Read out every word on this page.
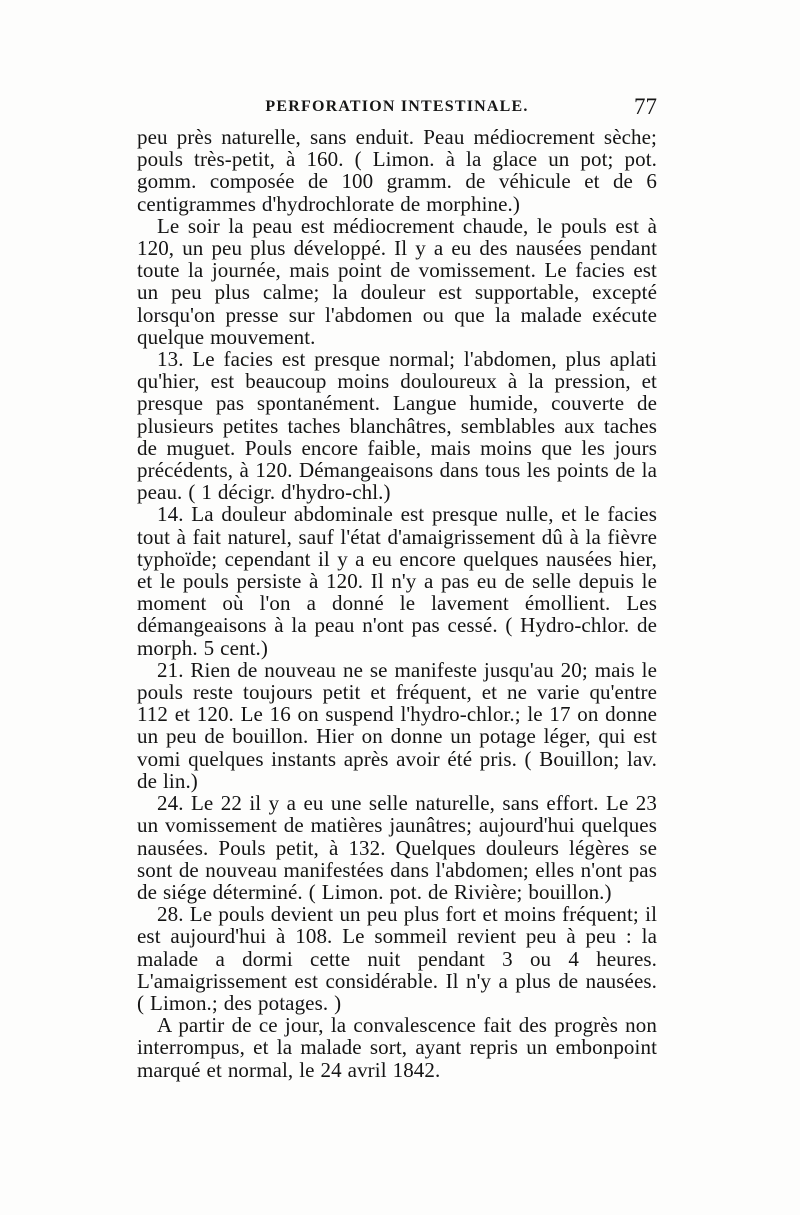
PERFORATION INTESTINALE.	77

peu près naturelle, sans enduit. Peau médiocrement sèche; pouls très-petit, à 160. ( Limon. à la glace un pot; pot. gomm. composée de 100 gramm. de véhicule et de 6 centigrammes d'hydrochlorate de morphine.)

Le soir la peau est médiocrement chaude, le pouls est à 120, un peu plus développé. Il y a eu des nausées pendant toute la journée, mais point de vomissement. Le facies est un peu plus calme; la douleur est supportable, excepté lorsqu'on presse sur l'abdomen ou que la malade exécute quelque mouvement.

13. Le facies est presque normal; l'abdomen, plus aplati qu'hier, est beaucoup moins douloureux à la pression, et presque pas spontanément. Langue humide, couverte de plusieurs petites taches blanchâtres, semblables aux taches de muguet. Pouls encore faible, mais moins que les jours précédents, à 120. Démangeaisons dans tous les points de la peau. ( 1 décigr. d'hydro-chl.)

14. La douleur abdominale est presque nulle, et le facies tout à fait naturel, sauf l'état d'amaigrissement dû à la fièvre typhoïde; cependant il y a eu encore quelques nausées hier, et le pouls persiste à 120. Il n'y a pas eu de selle depuis le moment où l'on a donné le lavement émollient. Les démangeaisons à la peau n'ont pas cessé. ( Hydro-chlor. de morph. 5 cent.)

21. Rien de nouveau ne se manifeste jusqu'au 20; mais le pouls reste toujours petit et fréquent, et ne varie qu'entre 112 et 120. Le 16 on suspend l'hydro-chlor.; le 17 on donne un peu de bouillon. Hier on donne un potage léger, qui est vomi quelques instants après avoir été pris. ( Bouillon; lav. de lin.)

24. Le 22 il y a eu une selle naturelle, sans effort. Le 23 un vomissement de matières jaunâtres; aujourd'hui quelques nausées. Pouls petit, à 132. Quelques douleurs légères se sont de nouveau manifestées dans l'abdomen; elles n'ont pas de siége déterminé. ( Limon. pot. de Rivière; bouillon.)

28. Le pouls devient un peu plus fort et moins fréquent; il est aujourd'hui à 108. Le sommeil revient peu à peu : la malade a dormi cette nuit pendant 3 ou 4 heures. L'amaigrissement est considérable. Il n'y a plus de nausées. ( Limon.; des potages. )

A partir de ce jour, la convalescence fait des progrès non interrompus, et la malade sort, ayant repris un embonpoint marqué et normal, le 24 avril 1842.
